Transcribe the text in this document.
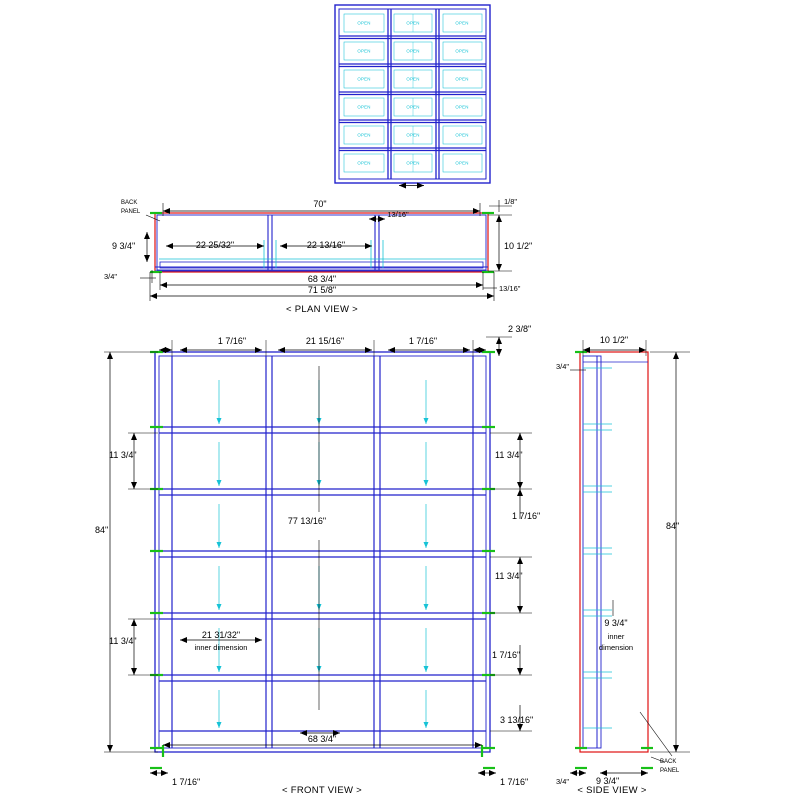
OPEN	OPEN	OPEN
OPEN	OPEN	OPEN
OPEN	OPEN	OPEN
OPEN	OPEN	OPEN
OPEN	OPEN	OPEN
OPEN	OPEN	OPEN
BACK
PANEL
70"
13/16"
22 25/32"	22 13/16"
9 3/4"	10 1/2"
1/8"
3/4"	68 3/4"
71 5/8"	13/16"
< PLAN VIEW >
1 7/16"	21 15/16"	1 7/16"
2 3/8"
84"
11 3/4"
11 3/4"
11 3/4"
11 3/4"
1 7/16"
1 7/16"
77 13/16"
21 31/32"
inner dimension
3 13/16"
68 3/4"
1 7/16"	1 7/16"
< FRONT VIEW >
10 1/2"
3/4"
84"
9 3/4"
inner
dimension
3/4"	9 3/4"
BACK
PANEL
< SIDE VIEW >
